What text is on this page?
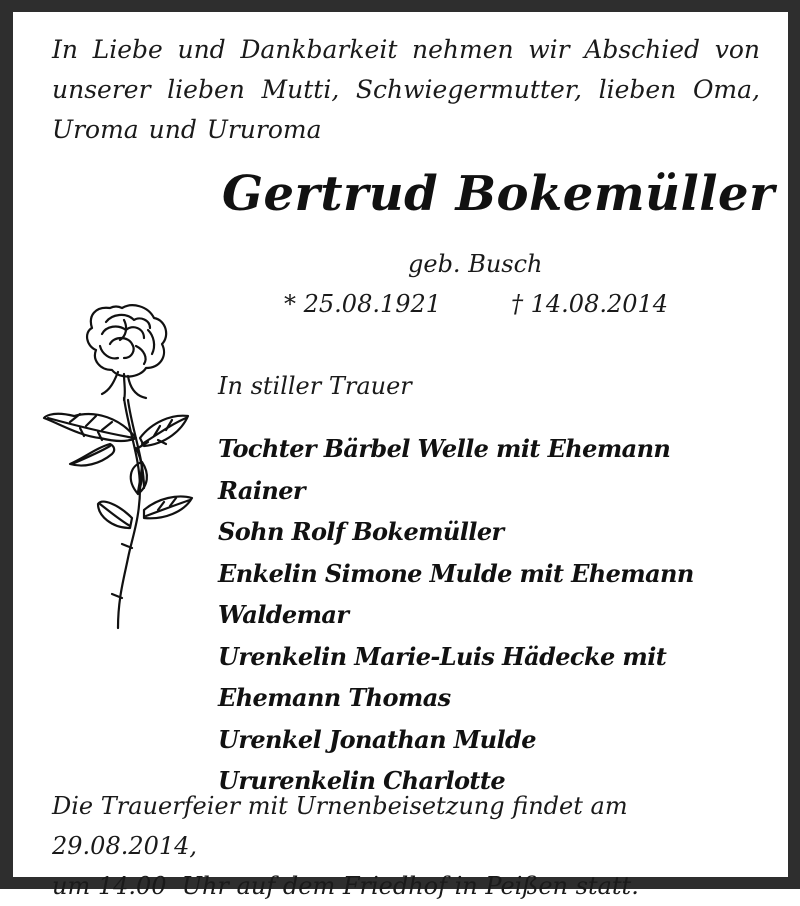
In Liebe und Dankbarkeit nehmen wir Abschied von unserer lieben Mutti, Schwiegermutter, lieben Oma, Uroma und Ururoma
Gertrud Bokemüller
geb. Busch
* 25.08.1921	† 14.08.2014
In stiller Trauer
Tochter Bärbel Welle mit Ehemann Rainer
Sohn Rolf Bokemüller
Enkelin Simone Mulde mit Ehemann
Waldemar
Urenkelin Marie-Luis Hädecke mit
Ehemann Thomas
Urenkel Jonathan Mulde
Ururenkelin Charlotte
Die Trauerfeier mit Urnenbeisetzung findet am 29.08.2014,
um 14.00  Uhr auf dem Friedhof in Peißen statt.
